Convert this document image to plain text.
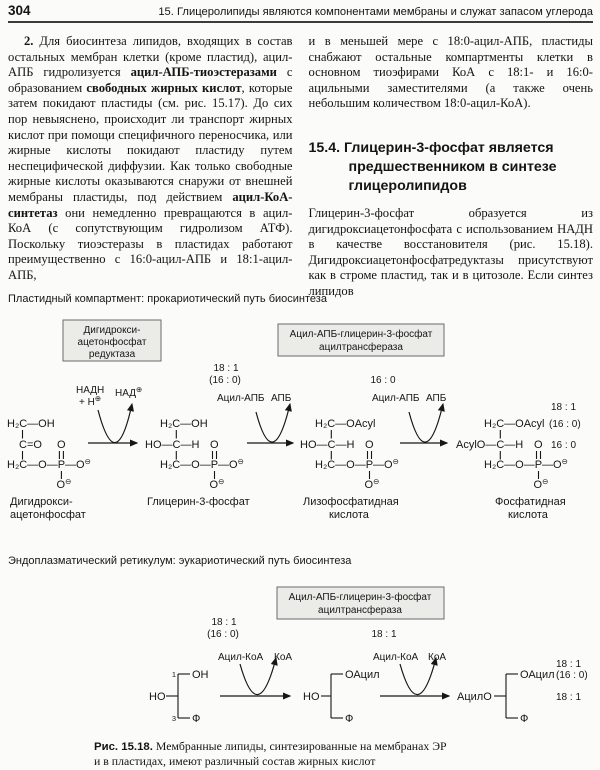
304	15. Глицеролипиды являются компонентами мембраны и служат запасом углерода

2. Для биосинтеза липидов, входящих в состав остальных мембран клетки (кроме пластид), ацил-АПБ гидролизуется ацил-АПБ-тиоэстеразами с образованием свободных жирных кислот, которые затем покидают пластиды (см. рис. 15.17). До сих пор невыяснено, происходит ли транспорт жирных кислот при помощи специфичного переносчика, или жирные кислоты покидают пластиду путем неспецифической диффузии. Как только свободные жирные кислоты оказываются снаружи от внешней мембраны пластиды, под действием ацил-КоА-синтетаз они немедленно превращаются в ацил-КоА (с сопутствующим гидролизом АТФ). Поскольку тиоэстеразы в пластидах работают преимущественно с 16:0-ацил-АПБ и 18:1-ацил-АПБ,

и в меньшей мере с 18:0-ацил-АПБ, пластиды снабжают остальные компартменты клетки в основном тиоэфирами КоА с 18:1- и 16:0-ацильными заместителями (а также очень небольшим количеством 18:0-ацил-КоА).

15.4. Глицерин-3-фосфат является
предшественником в синтезе
глицеролипидов

Глицерин-3-фосфат образуется из дигидроксиацетонфосфата с использованием НАДН в качестве восстановителя (рис. 15.18). Дигидроксиацетонфосфатредуктазы присутствуют как в строме пластид, так и в цитозоле. Если синтез липидов

Пластидный компартмент: прокариотический путь биосинтеза
Дигидрокси-
ацетонфосфат
редуктаза
Ацил-АПБ-глицерин-3-фосфат
ацилтрансфераза
18 : 1
(16 : 0)	16 : 0
НАДН
+ Н⊕ НАД⊕
Ацил-АПБ АПБ	Ацил-АПБ АПБ
H₂C—OH
C=O O
H₂C—O—P—O⊖
O⊖
Дигидрокси-
ацетонфосфат
H₂C—OH
HO—C—H O
H₂C—O—P—O⊖
O⊖
Глицерин-3-фосфат
H₂C—OAcyl
HO—C—H O
H₂C—O—P—O⊖
O⊖
Лизофосфатидная
кислота
18 : 1
H₂C—OAcyl (16 : 0)
AcylO—C—H O 16 : 0
H₂C—O—P—O⊖
O⊖
Фосфатидная
кислота
Эндоплазматический ретикулум: эукариотический путь биосинтеза
Ацил-АПБ-глицерин-3-фосфат
ацилтрансфераза
18 : 1
(16 : 0)	18 : 1
Ацил-КоА КоА	Ацил-КоА КоА
1 OH
HO
3 Ф
ОАцил
HO
Ф
АцилО
18 : 1
ОАцил (16 : 0)
18 : 1
Ф
Рис. 15.18. Мембранные липиды, синтезированные на мембранах ЭР
и в пластидах, имеют различный состав жирных кислот
